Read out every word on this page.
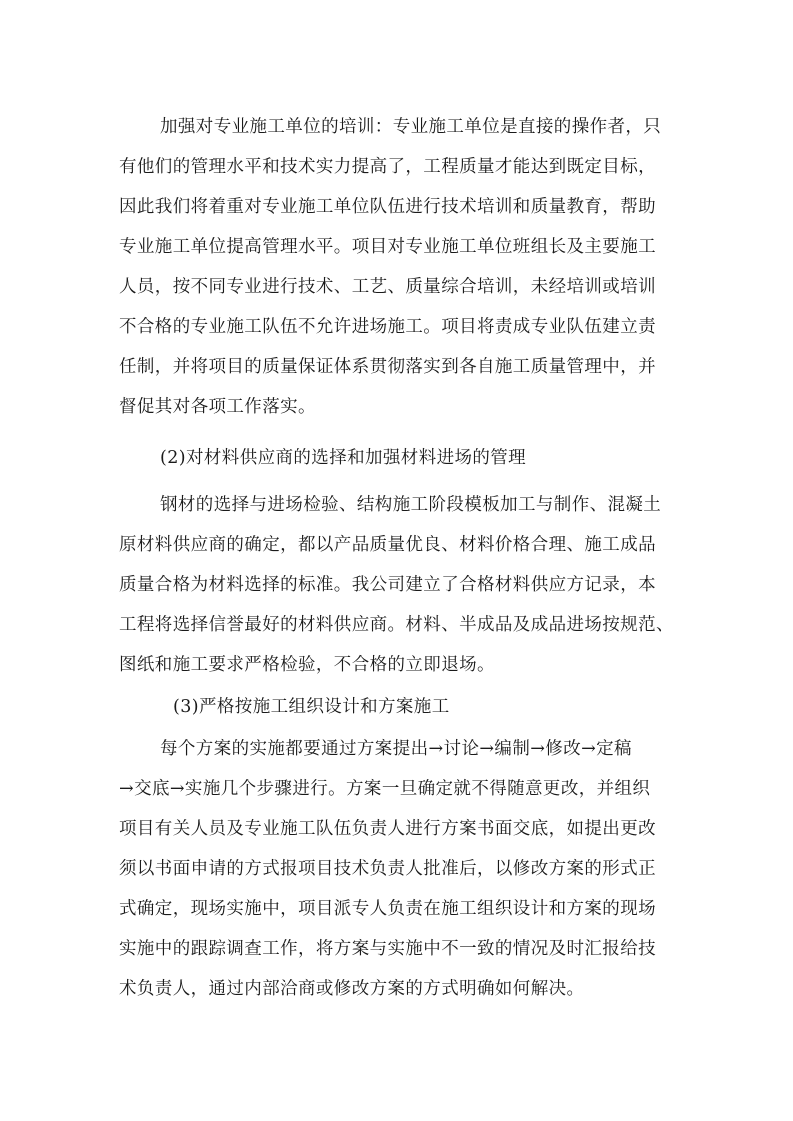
加强对专业施工单位的培训：专业施工单位是直接的操作者，只
有他们的管理水平和技术实力提高了，工程质量才能达到既定目标，
因此我们将着重对专业施工单位队伍进行技术培训和质量教育，帮助
专业施工单位提高管理水平。项目对专业施工单位班组长及主要施工
人员，按不同专业进行技术、工艺、质量综合培训，未经培训或培训
不合格的专业施工队伍不允许进场施工。项目将责成专业队伍建立责
任制，并将项目的质量保证体系贯彻落实到各自施工质量管理中，并
督促其对各项工作落实。
(2)对材料供应商的选择和加强材料进场的管理
钢材的选择与进场检验、结构施工阶段模板加工与制作、混凝土
原材料供应商的确定，都以产品质量优良、材料价格合理、施工成品
质量合格为材料选择的标准。我公司建立了合格材料供应方记录，本
工程将选择信誉最好的材料供应商。材料、半成品及成品进场按规范、
图纸和施工要求严格检验，不合格的立即退场。
(3)严格按施工组织设计和方案施工
每个方案的实施都要通过方案提出→讨论→编制→修改→定稿
→交底→实施几个步骤进行。方案一旦确定就不得随意更改，并组织
项目有关人员及专业施工队伍负责人进行方案书面交底，如提出更改
须以书面申请的方式报项目技术负责人批准后，以修改方案的形式正
式确定，现场实施中，项目派专人负责在施工组织设计和方案的现场
实施中的跟踪调查工作，将方案与实施中不一致的情况及时汇报给技
术负责人，通过内部洽商或修改方案的方式明确如何解决。
